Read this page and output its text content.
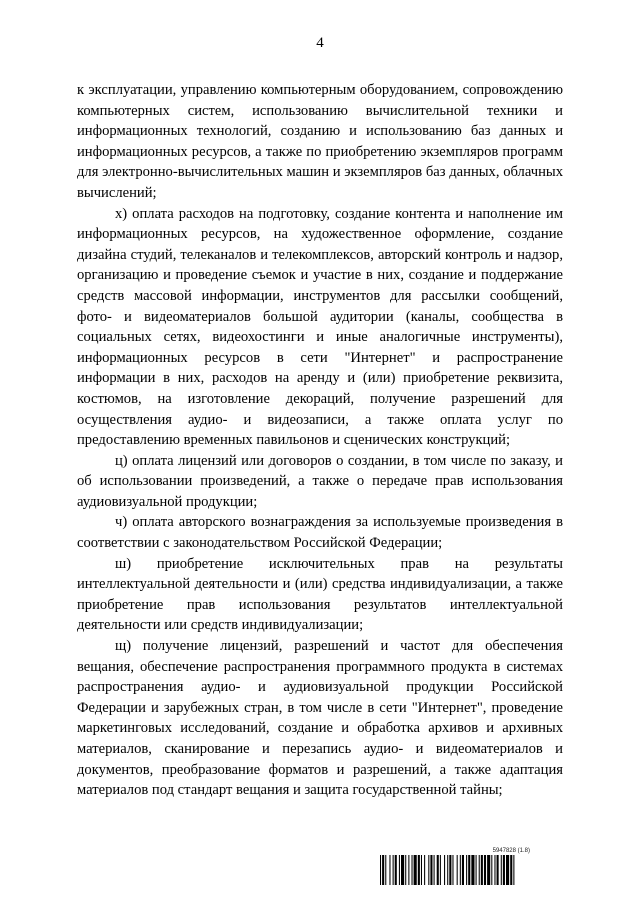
4

к эксплуатации, управлению компьютерным оборудованием, сопровождению компьютерных систем, использованию вычислительной техники и информационных технологий, созданию и использованию баз данных и информационных ресурсов, а также по приобретению экземпляров программ для электронно-вычислительных машин и экземпляров баз данных, облачных вычислений;

х) оплата расходов на подготовку, создание контента и наполнение им информационных ресурсов, на художественное оформление, создание дизайна студий, телеканалов и телекомплексов, авторский контроль и надзор, организацию и проведение съемок и участие в них, создание и поддержание средств массовой информации, инструментов для рассылки сообщений, фото- и видеоматериалов большой аудитории (каналы, сообщества в социальных сетях, видеохостинги и иные аналогичные инструменты), информационных ресурсов в сети "Интернет" и распространение информации в них, расходов на аренду и (или) приобретение реквизита, костюмов, на изготовление декораций, получение разрешений для осуществления аудио- и видеозаписи, а также оплата услуг по предоставлению временных павильонов и сценических конструкций;

ц) оплата лицензий или договоров о создании, в том числе по заказу, и об использовании произведений, а также о передаче прав использования аудиовизуальной продукции;

ч) оплата авторского вознаграждения за используемые произведения в соответствии с законодательством Российской Федерации;

ш) приобретение исключительных прав на результаты интеллектуальной деятельности и (или) средства индивидуализации, а также приобретение прав использования результатов интеллектуальной деятельности или средств индивидуализации;

щ) получение лицензий, разрешений и частот для обеспечения вещания, обеспечение распространения программного продукта в системах распространения аудио- и аудиовизуальной продукции Российской Федерации и зарубежных стран, в том числе в сети "Интернет", проведение маркетинговых исследований, создание и обработка архивов и архивных материалов, сканирование и перезапись аудио- и видеоматериалов и документов, преобразование форматов и разрешений, а также адаптация материалов под стандарт вещания и защита государственной тайны;

5947828 (1.8)
